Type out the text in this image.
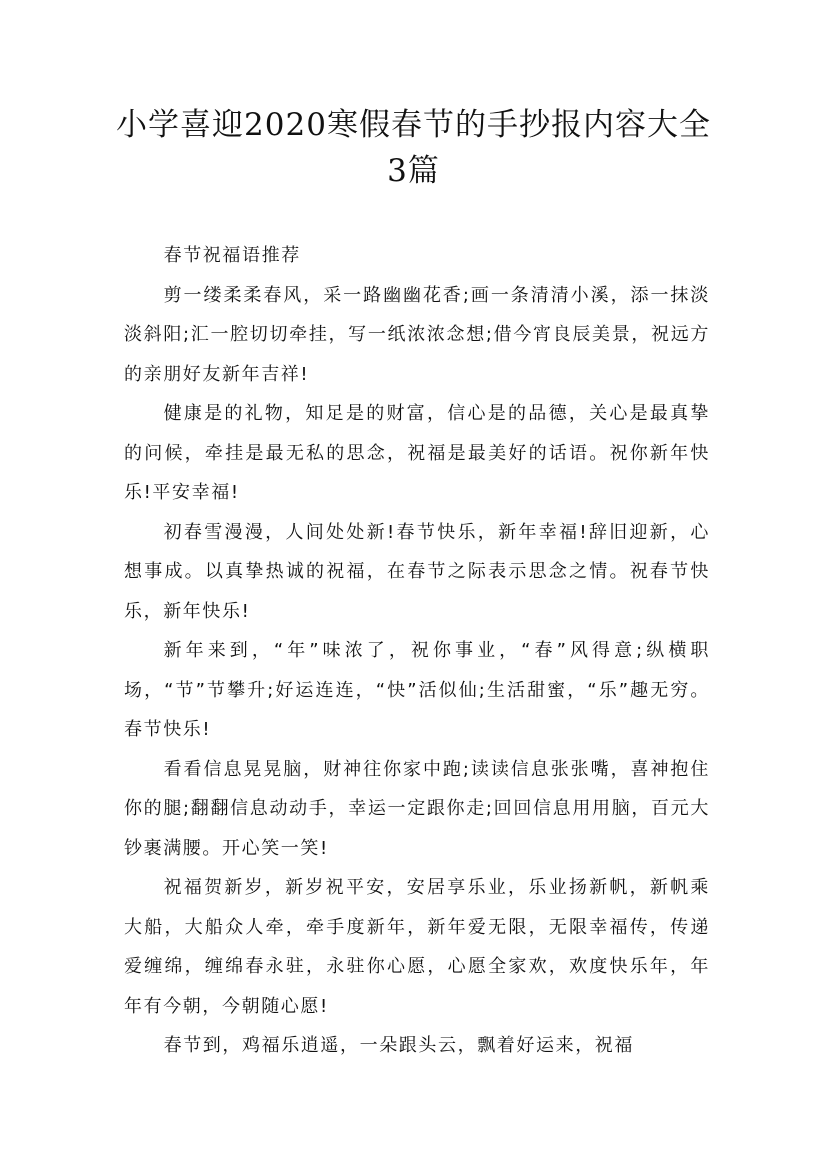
小学喜迎2020寒假春节的手抄报内容大全
3篇

春节祝福语推荐

剪一缕柔柔春风，采一路幽幽花香;画一条清清小溪，添一抹淡淡斜阳;汇一腔切切牵挂，写一纸浓浓念想;借今宵良辰美景，祝远方的亲朋好友新年吉祥!

健康是的礼物，知足是的财富，信心是的品德，关心是最真挚的问候，牵挂是最无私的思念，祝福是最美好的话语。祝你新年快乐!平安幸福!

初春雪漫漫，人间处处新!春节快乐，新年幸福!辞旧迎新，心想事成。以真挚热诚的祝福，在春节之际表示思念之情。祝春节快乐，新年快乐!

新年来到，“年”味浓了，祝你事业，“春”风得意;纵横职场，“节”节攀升;好运连连，“快”活似仙;生活甜蜜，“乐”趣无穷。春节快乐!

看看信息晃晃脑，财神往你家中跑;读读信息张张嘴，喜神抱住你的腿;翻翻信息动动手，幸运一定跟你走;回回信息用用脑，百元大钞裹满腰。开心笑一笑!

祝福贺新岁，新岁祝平安，安居享乐业，乐业扬新帆，新帆乘大船，大船众人牵，牵手度新年，新年爱无限，无限幸福传，传递爱缠绵，缠绵春永驻，永驻你心愿，心愿全家欢，欢度快乐年，年年有今朝，今朝随心愿!

春节到，鸡福乐逍遥，一朵跟头云，飘着好运来，祝福
